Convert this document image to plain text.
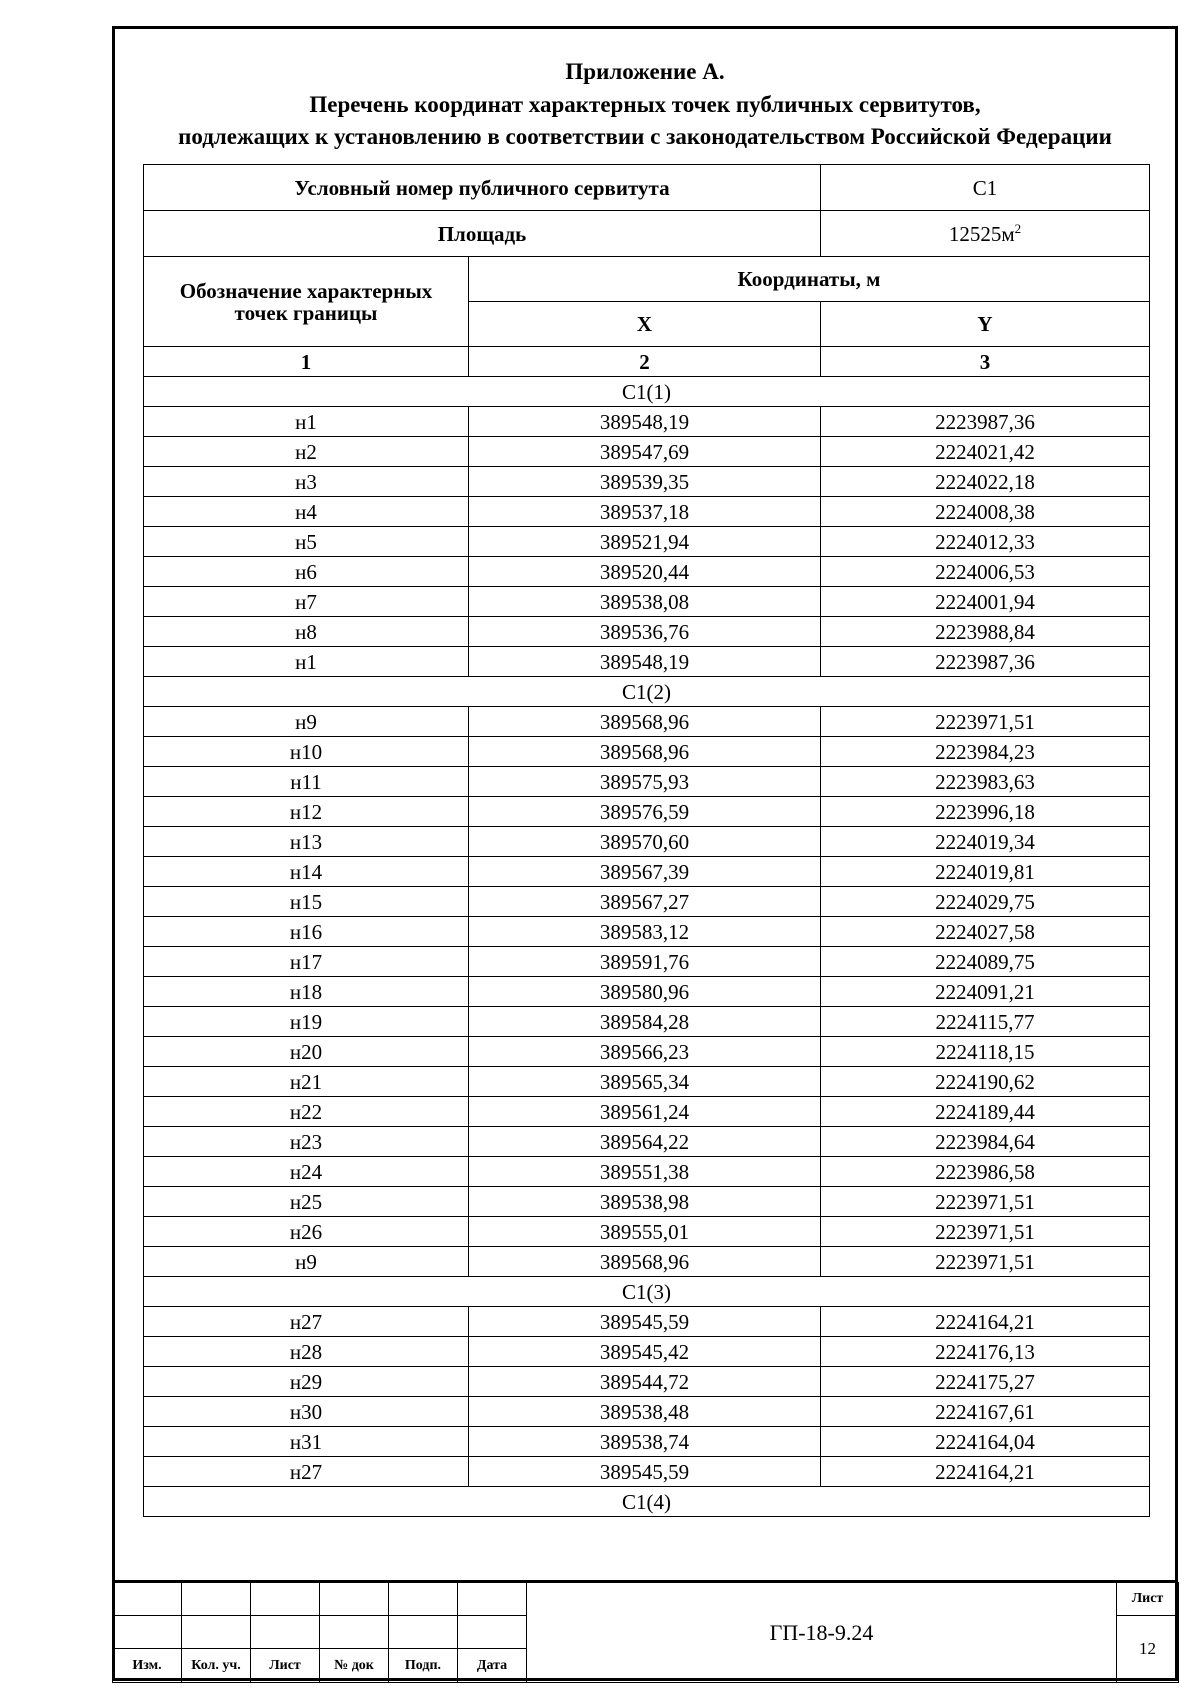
Приложение А.
Перечень координат характерных точек публичных сервитутов,
подлежащих к установлению в соответствии с законодательством Российской Федерации
Условный номер публичного сервитута		С1
Площадь		$12525м^2$
Обозначение характерных точек границы	Координаты, м	
	X	Y
1	2	3
С1(1)		
н1	389548,19	2223987,36
н2	389547,69	2224021,42
н3	389539,35	2224022,18
н4	389537,18	2224008,38
н5	389521,94	2224012,33
н6	389520,44	2224006,53
н7	389538,08	2224001,94
н8	389536,76	2223988,84
н1	389548,19	2223987,36
С1(2)		
н9	389568,96	2223971,51
н10	389568,96	2223984,23
н11	389575,93	2223983,63
н12	389576,59	2223996,18
н13	389570,60	2224019,34
н14	389567,39	2224019,81
н15	389567,27	2224029,75
н16	389583,12	2224027,58
н17	389591,76	2224089,75
н18	389580,96	2224091,21
н19	389584,28	2224115,77
н20	389566,23	2224118,15
н21	389565,34	2224190,62
н22	389561,24	2224189,44
н23	389564,22	2223984,64
н24	389551,38	2223986,58
н25	389538,98	2223971,51
н26	389555,01	2223971,51
н9	389568,96	2223971,51
С1(3)		
н27	389545,59	2224164,21
н28	389545,42	2224176,13
н29	389544,72	2224175,27
н30	389538,48	2224167,61
н31	389538,74	2224164,04
н27	389545,59	2224164,21
С1(4)		
						ГП-18-9.24	Лист
							12
Изм.	Кол. уч.	Лист	№ док	Подп.	Дата		
